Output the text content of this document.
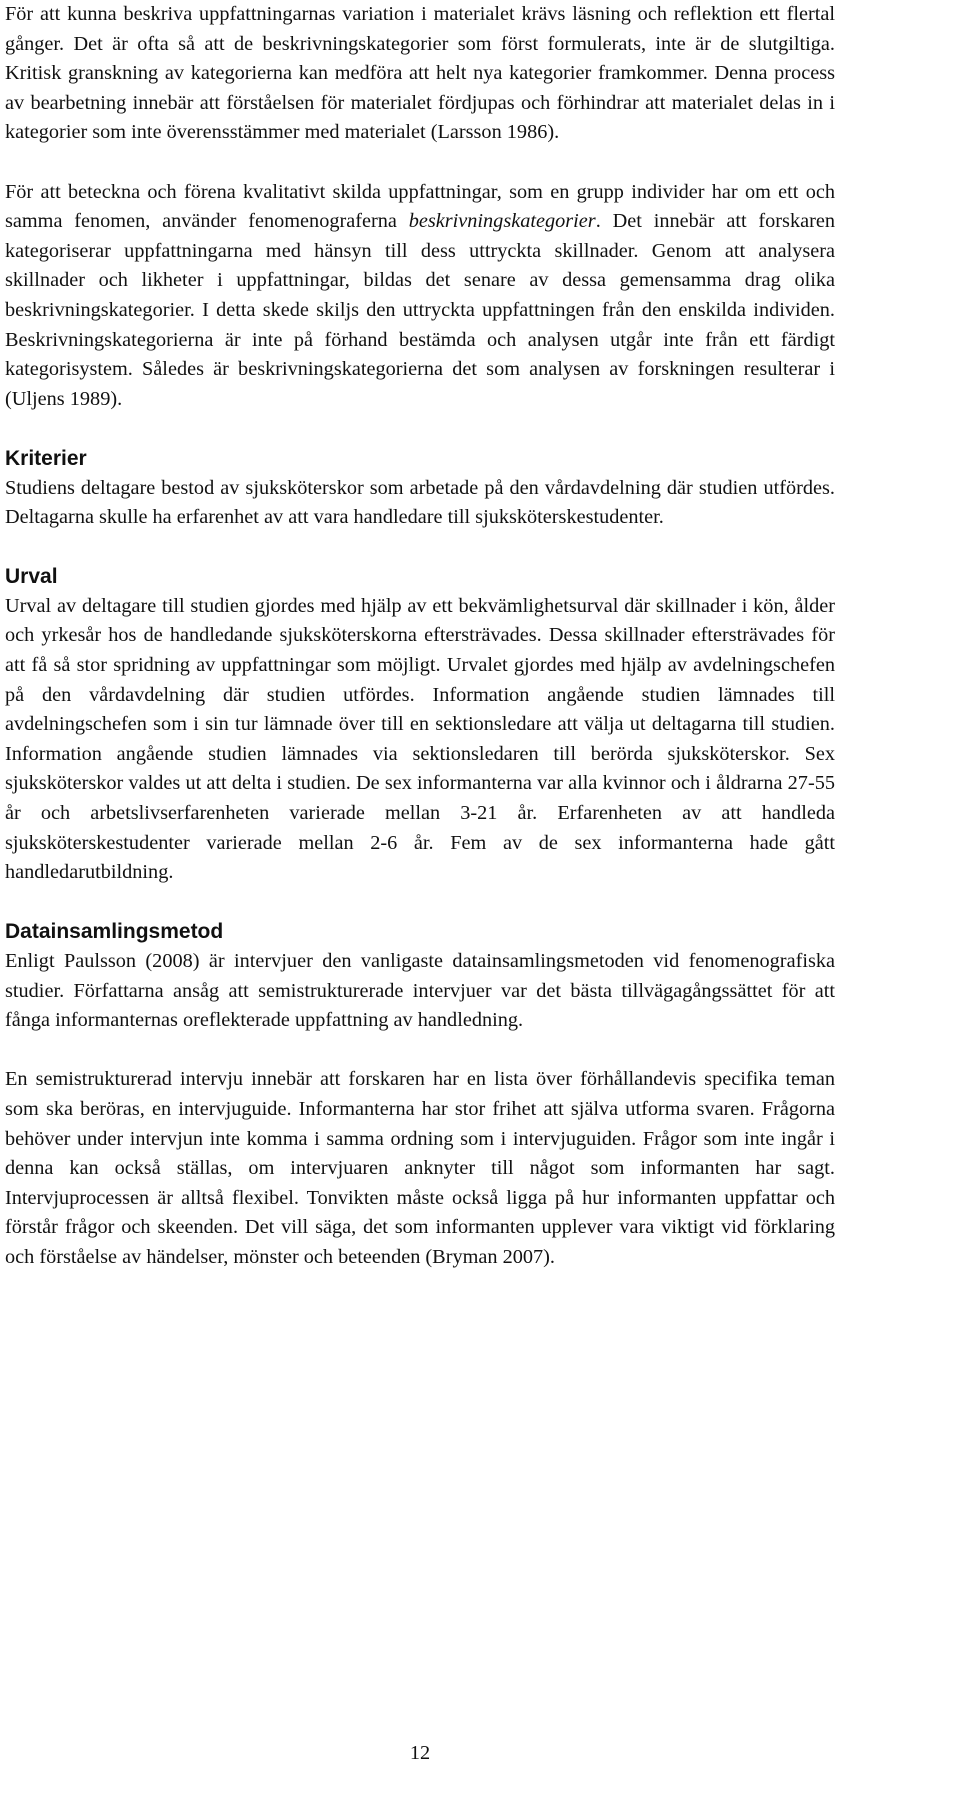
För att kunna beskriva uppfattningarnas variation i materialet krävs läsning och reflektion ett flertal gånger. Det är ofta så att de beskrivningskategorier som först formulerats, inte är de slutgiltiga. Kritisk granskning av kategorierna kan medföra att helt nya kategorier framkommer. Denna process av bearbetning innebär att förståelsen för materialet fördjupas och förhindrar att materialet delas in i kategorier som inte överensstämmer med materialet (Larsson 1986).

För att beteckna och förena kvalitativt skilda uppfattningar, som en grupp individer har om ett och samma fenomen, använder fenomenograferna beskrivningskategorier. Det innebär att forskaren kategoriserar uppfattningarna med hänsyn till dess uttryckta skillnader. Genom att analysera skillnader och likheter i uppfattningar, bildas det senare av dessa gemensamma drag olika beskrivningskategorier. I detta skede skiljs den uttryckta uppfattningen från den enskilda individen. Beskrivningskategorierna är inte på förhand bestämda och analysen utgår inte från ett färdigt kategorisystem. Således är beskrivningskategorierna det som analysen av forskningen resulterar i (Uljens 1989).

Kriterier

Studiens deltagare bestod av sjuksköterskor som arbetade på den vårdavdelning där studien utfördes. Deltagarna skulle ha erfarenhet av att vara handledare till sjuksköterskestudenter.

Urval

Urval av deltagare till studien gjordes med hjälp av ett bekvämlighetsurval där skillnader i kön, ålder och yrkesår hos de handledande sjuksköterskorna eftersträvades. Dessa skillnader eftersträvades för att få så stor spridning av uppfattningar som möjligt. Urvalet gjordes med hjälp av avdelningschefen på den vårdavdelning där studien utfördes. Information angående studien lämnades till avdelningschefen som i sin tur lämnade över till en sektionsledare att välja ut deltagarna till studien. Information angående studien lämnades via sektionsledaren till berörda sjuksköterskor. Sex sjuksköterskor valdes ut att delta i studien. De sex informanterna var alla kvinnor och i åldrarna 27-55 år och arbetslivserfarenheten varierade mellan 3-21 år. Erfarenheten av att handleda sjuksköterskestudenter varierade mellan 2-6 år. Fem av de sex informanterna hade gått handledarutbildning.

Datainsamlingsmetod

Enligt Paulsson (2008) är intervjuer den vanligaste datainsamlingsmetoden vid fenomenografiska studier. Författarna ansåg att semistrukturerade intervjuer var det bästa tillvägagångssättet för att fånga informanternas oreflekterade uppfattning av handledning.

En semistrukturerad intervju innebär att forskaren har en lista över förhållandevis specifika teman som ska beröras, en intervjuguide. Informanterna har stor frihet att själva utforma svaren. Frågorna behöver under intervjun inte komma i samma ordning som i intervjuguiden. Frågor som inte ingår i denna kan också ställas, om intervjuaren anknyter till något som informanten har sagt. Intervjuprocessen är alltså flexibel. Tonvikten måste också ligga på hur informanten uppfattar och förstår frågor och skeenden. Det vill säga, det som informanten upplever vara viktigt vid förklaring och förståelse av händelser, mönster och beteenden (Bryman 2007).

12
